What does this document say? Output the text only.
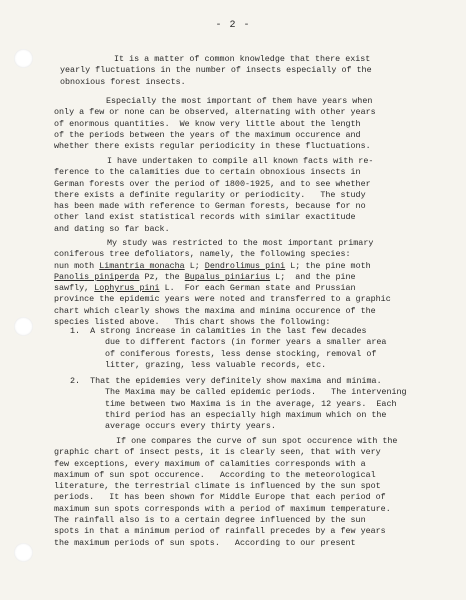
- 2 -
It is a matter of common knowledge that there exist
yearly fluctuations in the number of insects especially of the
obnoxious forest insects.
Especially the most important of them have years when
only a few or none can be observed, alternating with other years
of enormous quantities.  We know very little about the length
of the periods between the years of the maximum occurence and
whether there exists regular periodicity in these fluctuations.
I have undertaken to compile all known facts with re-
ference to the calamities due to certain obnoxious insects in
German forests over the period of 1800-1925, and to see whether
there exists a definite regularity or periodicity.   The study
has been made with reference to German forests, because for no
other land exist statistical records with similar exactitude
and dating so far back.
My study was restricted to the most important primary
coniferous tree defoliators, namely, the following species:
nun moth Limantria monacha L; Dendrolimus pini L; the pine moth
Panolis piniperda Pz, the Bupalus piniarius L;  and the pine
sawfly, Lophyrus pini L.  For each German state and Prussian
province the epidemic years were noted and transferred to a graphic
chart which clearly shows the maxima and minima occurence of the
species listed above.   This chart shows the following:
1.  A strong increase in calamities in the last few decades
due to different factors (in former years a smaller area
of coniferous forests, less dense stocking, removal of
litter, grazing, less valuable records, etc.
2.  That the epidemies very definitely show maxima and minima.
The Maxima may be called epidemic periods.   The intervening
time between two Maxima is in the average, 12 years.  Each
third period has an especially high maximum which on the
average occurs every thirty years.
If one compares the curve of sun spot occurence with the
graphic chart of insect pests, it is clearly seen, that with very
few exceptions, every maximum of calamities corresponds with a
maximum of sun spot occurence.   According to the meteorological
literature, the terrestrial climate is influenced by the sun spot
periods.   It has been shown for Middle Europe that each period of
maximum sun spots corresponds with a period of maximum temperature.
The rainfall also is to a certain degree influenced by the sun
spots in that a minimum period of rainfall precedes by a few years
the maximum periods of sun spots.   According to our present
